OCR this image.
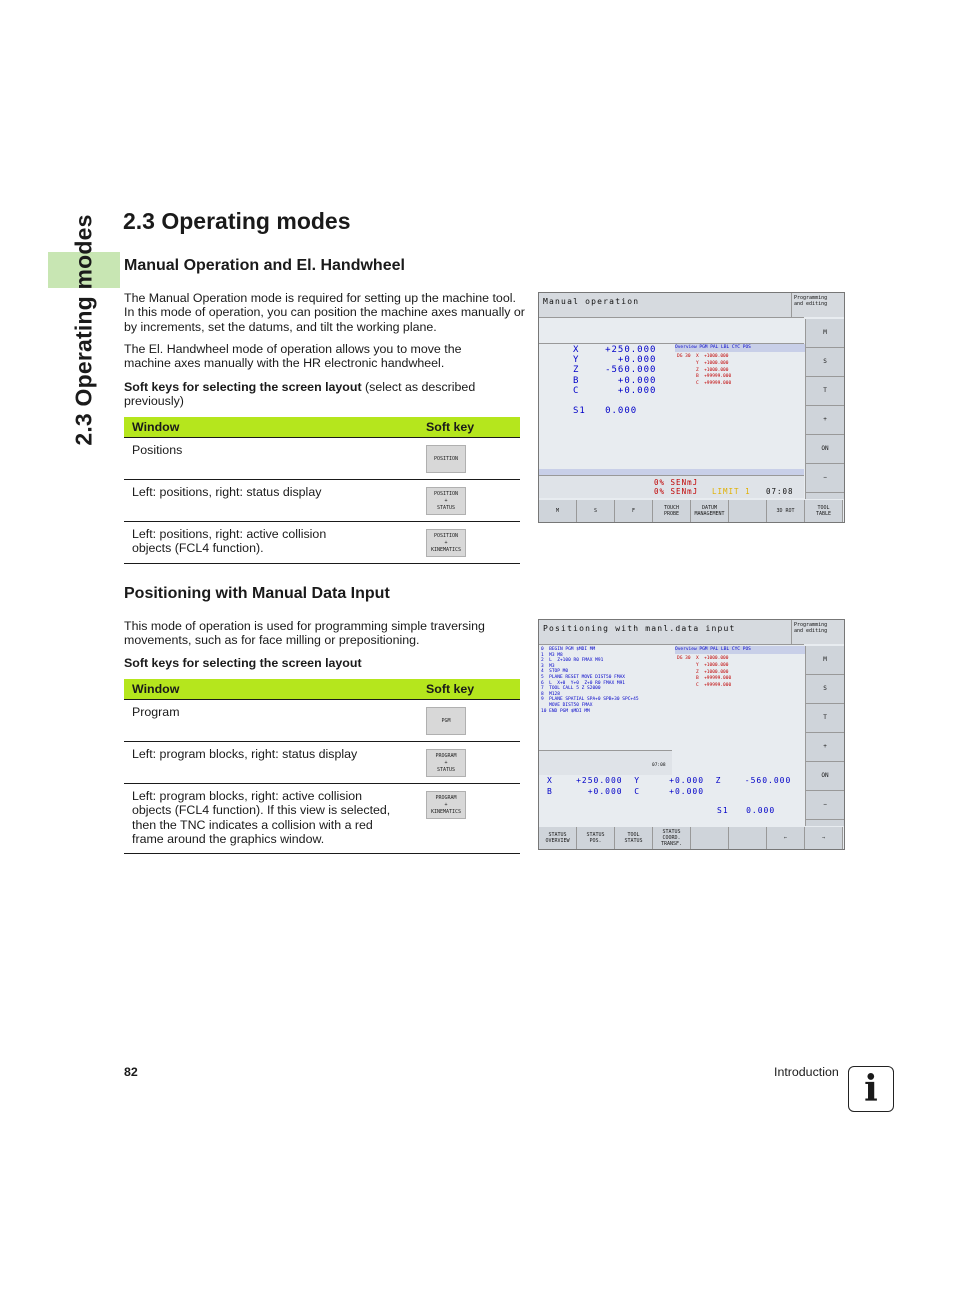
2.3 Operating modes 2.3 Operating modes
Manual Operation and El. Handwheel

The Manual Operation mode is required for setting up the machine tool. In this mode of operation, you can position the machine axes manually or by increments, set the datums, and tilt the working plane.

The El. Handwheel mode of operation allows you to move the machine axes manually with the HR electronic handwheel.

Soft keys for selecting the screen layout (select as described previously)

Window	Soft key
Positions	POSITION

Left: positions, right: status display	POSITION
+
STATUS

Left: positions, right: active collision objects (FCL4 function).	POSITION
+
KINEMATICS
Positioning with Manual Data Input

This mode of operation is used for programming simple traversing movements, such as for face milling or prepositioning.

Soft keys for selecting the screen layout

Window	Soft key
Program	PGM

Left: program blocks, right: status display	PROGRAM
+
STATUS

Left: program blocks, right: active collision objects (FCL4 function). If this view is selected, then the TNC indicates a collision with a red frame around the graphics window.	PROGRAM
+
KINEMATICS
Manual operation	Programming
and editing
X    +250.000
Y      +0.000
Z    -560.000
B      +0.000
C      +0.000

S1   0.000
Overview PGM PAL LBL CYC POS
DG 30  X  +1000.000
Y  +1000.000
Z  +1000.000
B  +99999.000
C  +99999.000
0% SENmJ
0% SENmJ LIMIT 1 07:08
M
S
T
+
ON
−
M	S	F	TOUCH
PROBE
DATUM
MANAGEMENT	3D ROT	TOOL
TABLE
Positioning with manl.data input	Programming
and editing
0  BEGIN PGM $MDI MM
1  M3 M8
2  L  Z+100 R0 FMAX M91
3  M3
4  STOP M0
5  PLANE RESET MOVE DIST50 FMAX
6  L  X+0  Y+0  Z+0 R0 FMAX M91
7  TOOL CALL 5 Z S2000
8  M128
9  PLANE SPATIAL SPA+0 SPB+30 SPC+45
MOVE DIST50 FMAX
10 END PGM $MDI MM
Overview PGM PAL LBL CYC POS
DG 30  X  +1000.000
Y  +1000.000
Z  +1000.000
B  +99999.000
C  +99999.000
07:08
X    +250.000  Y     +0.000  Z    -560.000
B      +0.000  C     +0.000
S1   0.000
M
S
T
+
ON
−
STATUS
OVERVIEW
STATUS
POS.
TOOL
STATUS
STATUS
COORD.
TRANSF.
⇐	⇒
82	Introduction i
